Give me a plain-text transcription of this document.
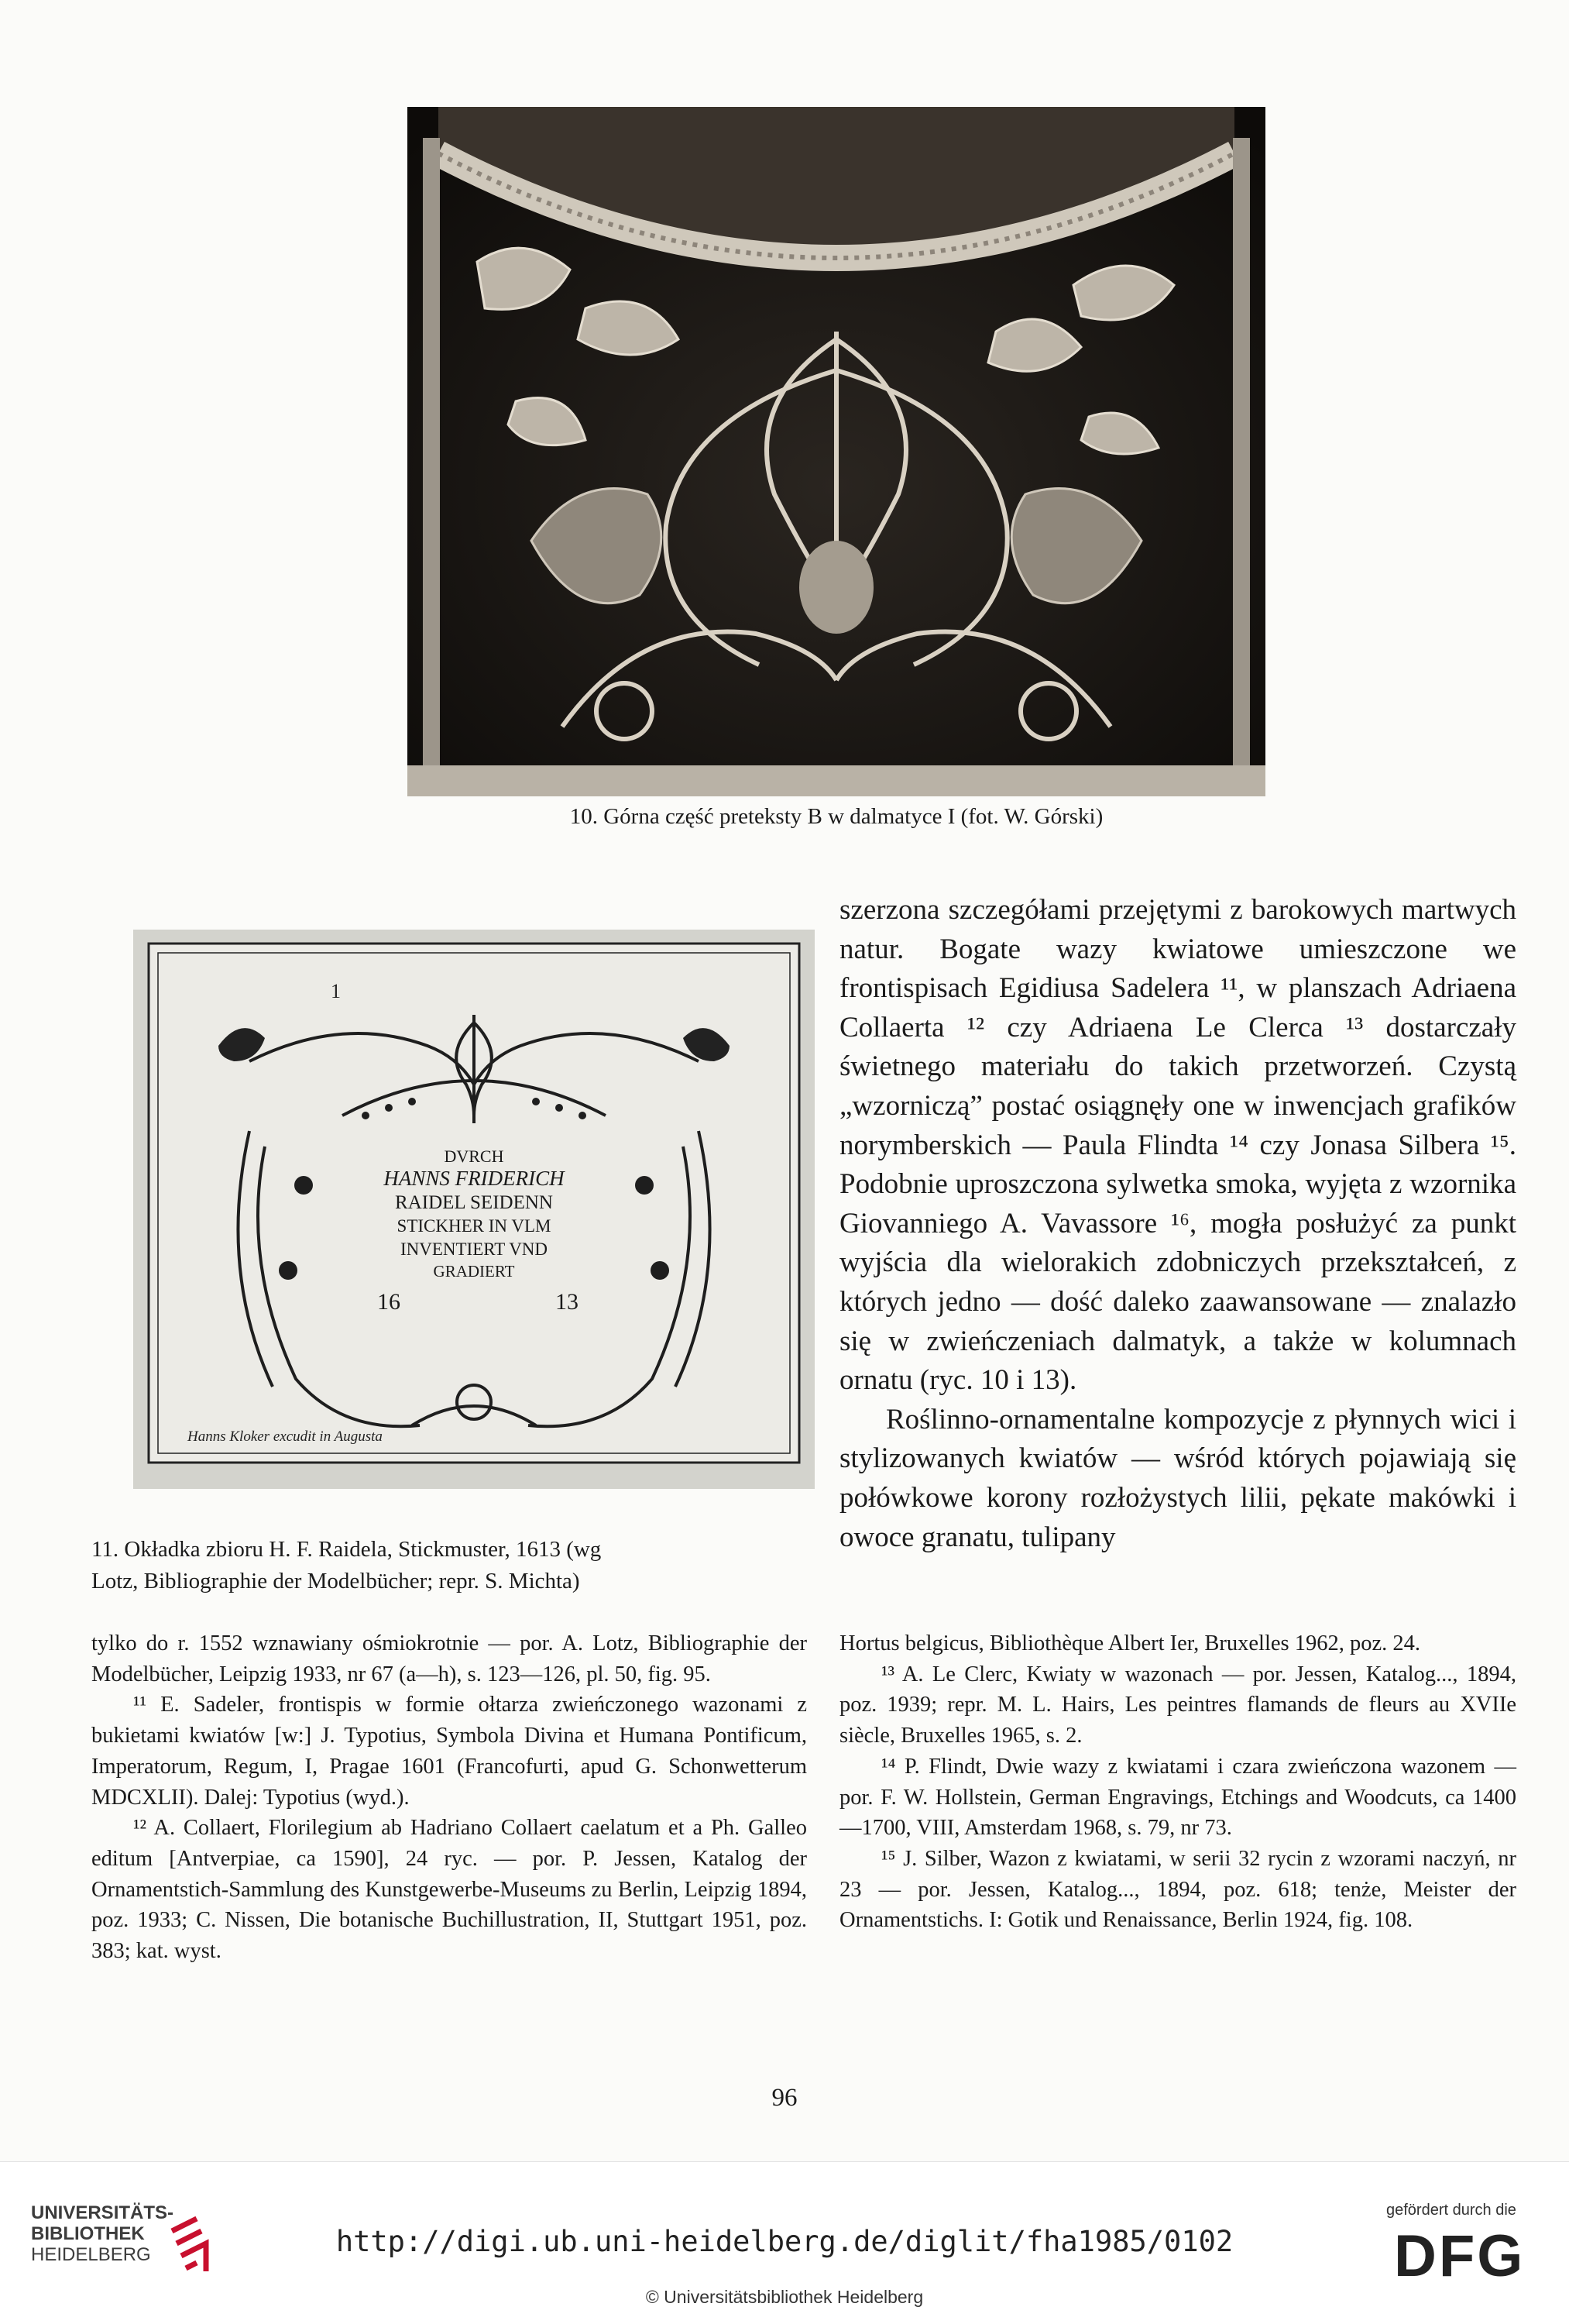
10. Górna część preteksty B w dalmatyce I (fot. W. Górski)
1
DVRCH
HANNS FRIDERICH
RAIDEL SEIDENN
STICKHER IN VLM
INVENTIERT VND
GRADIERT
16	13
Hanns Kloker excudit in Augusta
11. Okładka zbioru H. F. Raidela, Stickmuster, 1613 (wg
Lotz, Bibliographie der Modelbücher; repr. S. Michta)

szerzona szczegółami przejętymi z barokowych martwych natur. Bogate wazy kwiatowe umieszczone we frontispisach Egidiusa Sadelera ¹¹, w planszach Adriaena Collaerta ¹² czy Adriaena Le Clerca ¹³ dostarczały świetnego materiału do takich przetworzeń. Czystą „wzornicząˮ postać osiągnęły one w inwencjach grafików norymberskich — Paula Flindta ¹⁴ czy Jonasa Silbera ¹⁵. Podobnie uproszczona sylwetka smoka, wyjęta z wzornika Giovanniego A. Vavassore ¹⁶, mogła posłużyć za punkt wyjścia dla wielorakich zdobniczych przekształceń, z których jedno — dość daleko zaawansowane — znalazło się w zwieńczeniach dalmatyk, a także w kolumnach ornatu (ryc. 10 i 13).

Roślinno-ornamentalne kompozycje z płynnych wici i stylizowanych kwiatów — wśród których pojawiają się połówkowe korony rozłożystych lilii, pękate makówki i owoce granatu, tulipany

tylko do r. 1552 wznawiany ośmiokrotnie — por. A. Lotz, Bibliographie der Modelbücher, Leipzig 1933, nr 67 (a—h), s. 123—126, pl. 50, fig. 95.

¹¹ E. Sadeler, frontispis w formie ołtarza zwieńczonego wazonami z bukietami kwiatów [w:] J. Typotius, Symbola Divina et Humana Pontificum, Imperatorum, Regum, I, Pragae 1601 (Francofurti, apud G. Schonwetterum MDCXLII). Dalej: Typotius (wyd.).

¹² A. Collaert, Florilegium ab Hadriano Collaert caelatum et a Ph. Galleo editum [Antverpiae, ca 1590], 24 ryc. — por. P. Jessen, Katalog der Ornamentstich-Sammlung des Kunstgewerbe-Museums zu Berlin, Leipzig 1894, poz. 1933; C. Nissen, Die botanische Buchillustration, II, Stuttgart 1951, poz. 383; kat. wyst.

Hortus belgicus, Bibliothèque Albert Ier, Bruxelles 1962, poz. 24.

¹³ A. Le Clerc, Kwiaty w wazonach — por. Jessen, Katalog..., 1894, poz. 1939; repr. M. L. Hairs, Les peintres flamands de fleurs au XVIIe siècle, Bruxelles 1965, s. 2.

¹⁴ P. Flindt, Dwie wazy z kwiatami i czara zwieńczona wazonem — por. F. W. Hollstein, German Engravings, Etchings and Woodcuts, ca 1400—1700, VIII, Amsterdam 1968, s. 79, nr 73.

¹⁵ J. Silber, Wazon z kwiatami, w serii 32 rycin z wzorami naczyń, nr 23 — por. Jessen, Katalog..., 1894, poz. 618; tenże, Meister der Ornamentstichs. I: Gotik und Renaissance, Berlin 1924, fig. 108.

96
UNIVERSITÄTS-
BIBLIOTHEK
HEIDELBERG	http://digi.ub.uni-heidelberg.de/diglit/fha1985/0102
© Universitätsbibliothek Heidelberg
gefördert durch die
DFG
